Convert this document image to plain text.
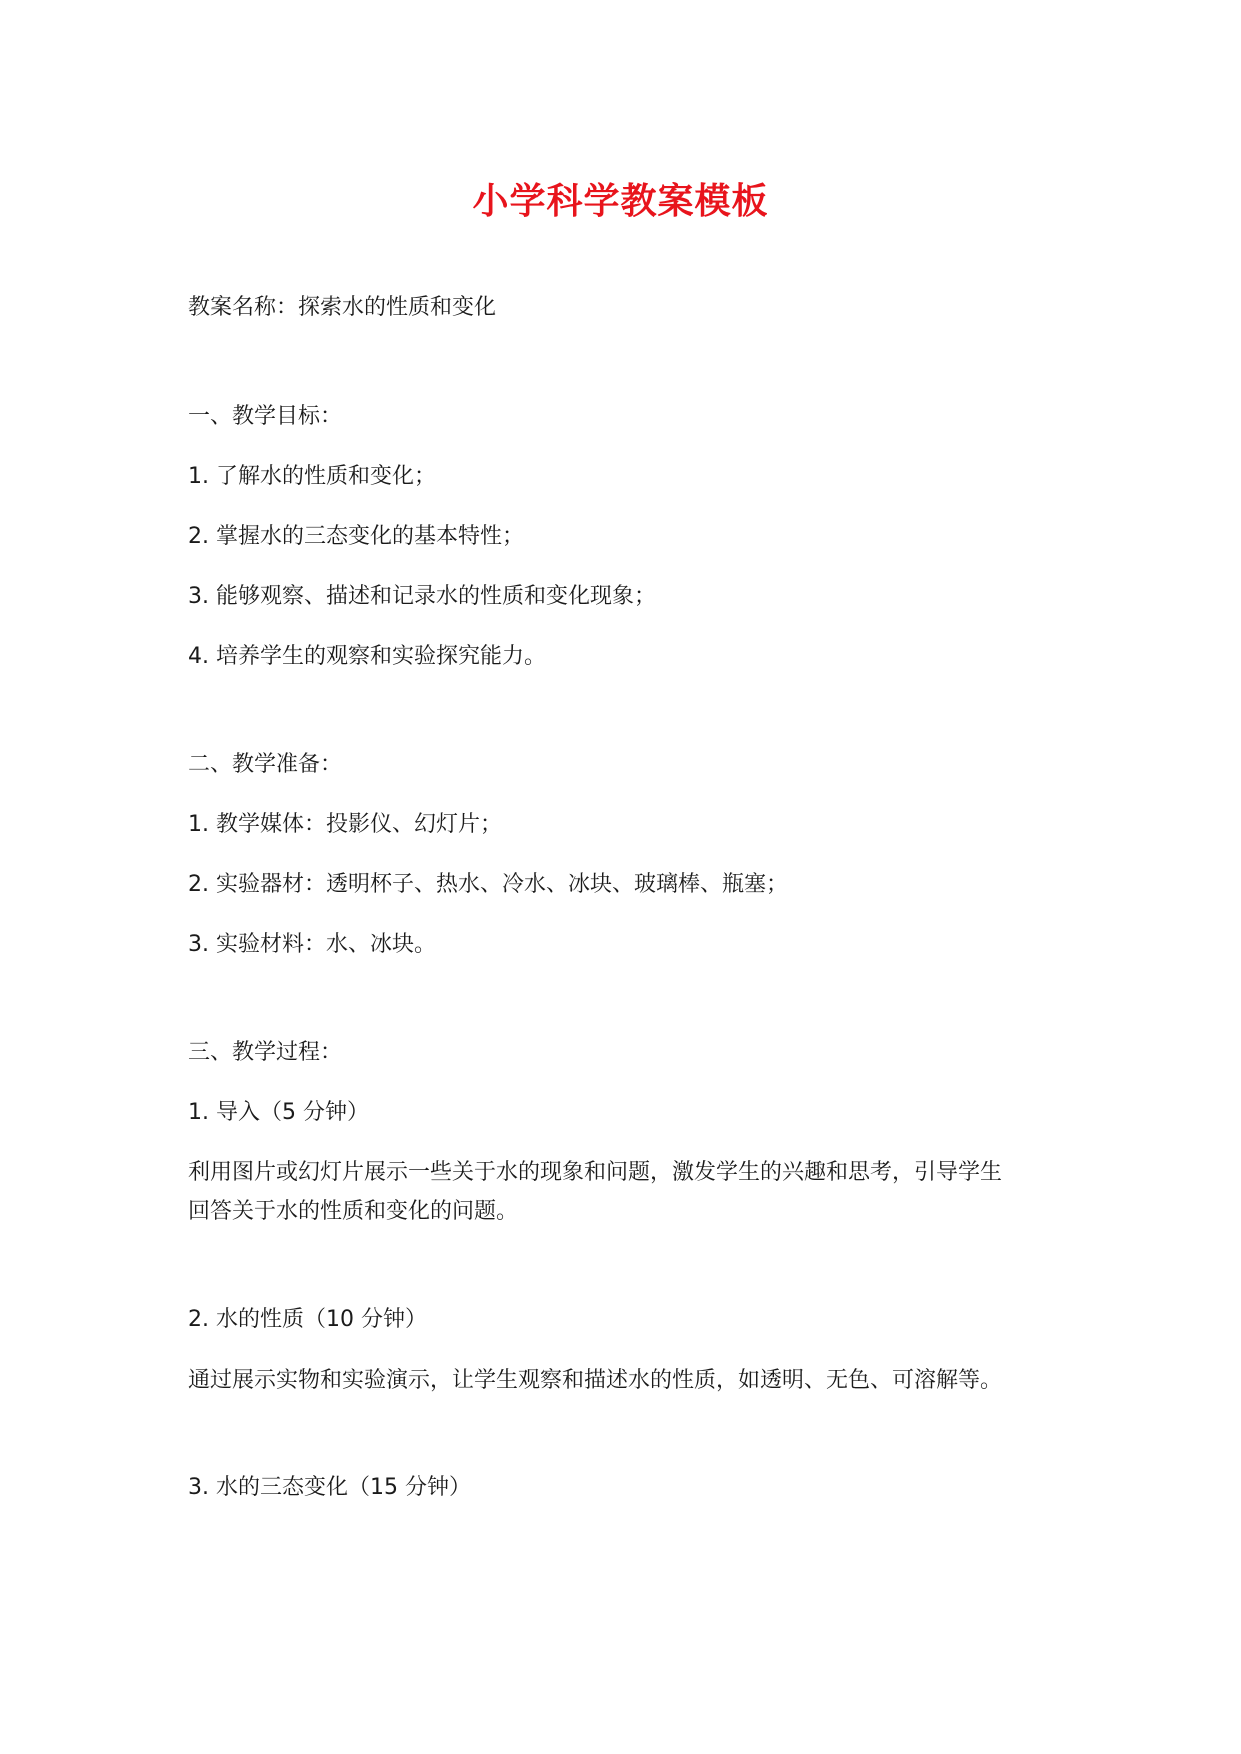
小学科学教案模板
教案名称：探索水的性质和变化
一、教学目标：
1. 了解水的性质和变化；
2. 掌握水的三态变化的基本特性；
3. 能够观察、描述和记录水的性质和变化现象；
4. 培养学生的观察和实验探究能力。
二、教学准备：
1. 教学媒体：投影仪、幻灯片；
2. 实验器材：透明杯子、热水、冷水、冰块、玻璃棒、瓶塞；
3. 实验材料：水、冰块。
三、教学过程：
1. 导入（5 分钟）
利用图片或幻灯片展示一些关于水的现象和问题，激发学生的兴趣和思考，引导学生
回答关于水的性质和变化的问题。
2. 水的性质（10 分钟）
通过展示实物和实验演示，让学生观察和描述水的性质，如透明、无色、可溶解等。
3. 水的三态变化（15 分钟）
